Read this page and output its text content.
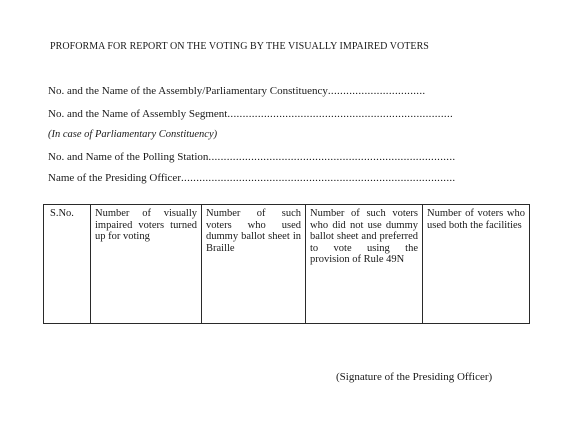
PROFORMA FOR REPORT ON THE VOTING BY THE VISUALLY IMPAIRED VOTERS
No. and the Name of the Assembly/Parliamentary Constituency................................
No. and the Name of Assembly Segment..........................................................................
(In case of Parliamentary Constituency)
No. and Name of the Polling Station.................................................................................
Name of the Presiding Officer..........................................................................................
S.No.	Number of visually impaired voters turned up for voting	Number of such voters who used dummy ballot sheet in Braille	Number of such voters who did not use dummy ballot sheet and preferred to vote using the provision of Rule 49N	Number of voters who used both the facilities
(Signature of the Presiding Officer)
